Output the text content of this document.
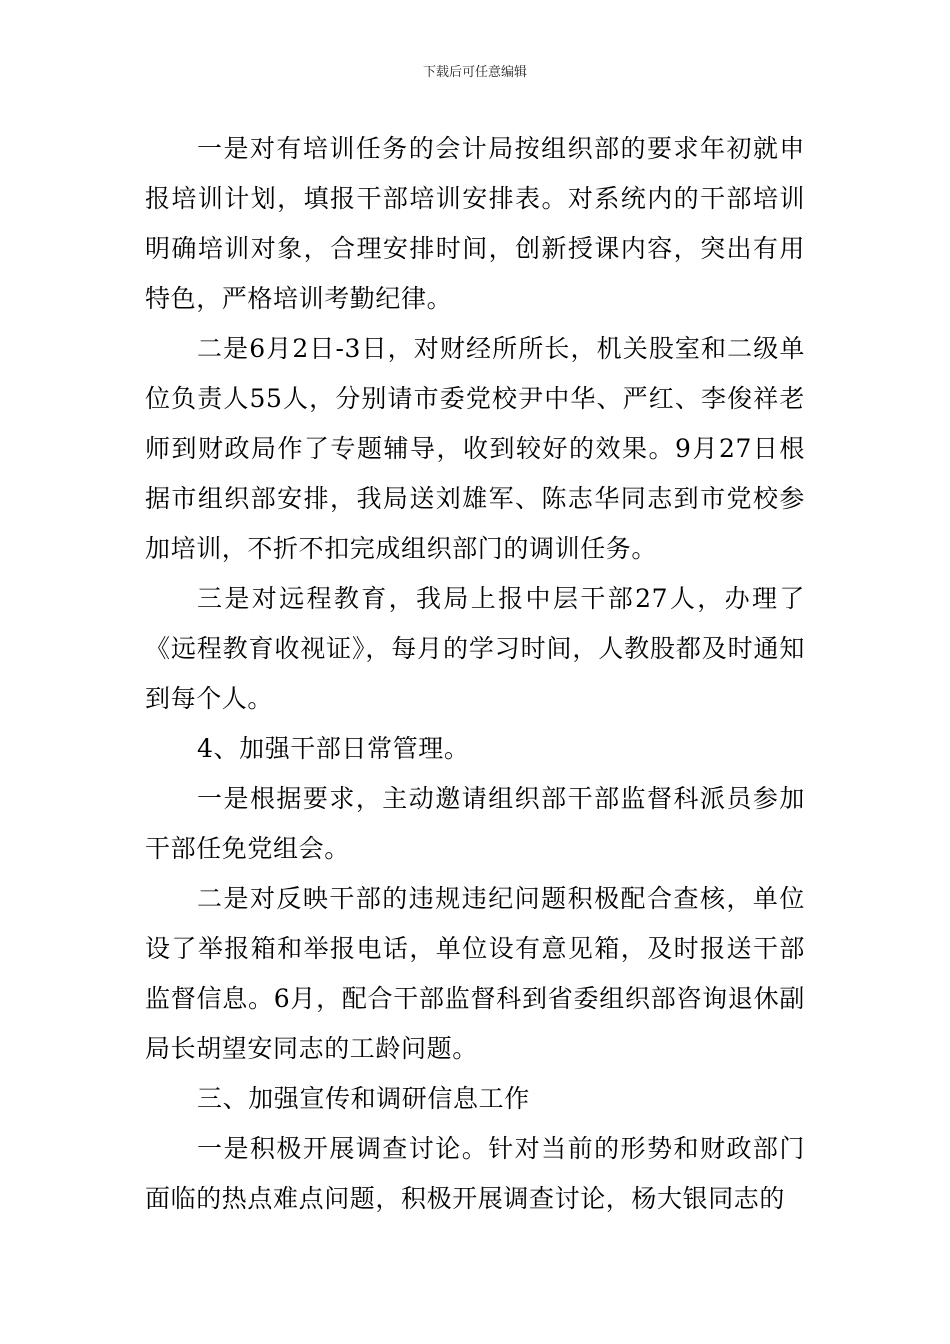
下载后可任意编辑

一是对有培训任务的会计局按组织部的要求年初就申报培训计划，填报干部培训安排表。对系统内的干部培训明确培训对象，合理安排时间，创新授课内容，突出有用特色，严格培训考勤纪律。

二是6月2日-3日，对财经所所长，机关股室和二级单位负责人55人，分别请市委党校尹中华、严红、李俊祥老师到财政局作了专题辅导，收到较好的效果。9月27日根据市组织部安排，我局送刘雄军、陈志华同志到市党校参加培训，不折不扣完成组织部门的调训任务。

三是对远程教育，我局上报中层干部27人，办理了《远程教育收视证》，每月的学习时间，人教股都及时通知到每个人。

4、加强干部日常管理。

一是根据要求，主动邀请组织部干部监督科派员参加干部任免党组会。

二是对反映干部的违规违纪问题积极配合查核，单位设了举报箱和举报电话，单位设有意见箱，及时报送干部监督信息。6月，配合干部监督科到省委组织部咨询退休副局长胡望安同志的工龄问题。

三、加强宣传和调研信息工作

一是积极开展调查讨论。针对当前的形势和财政部门面临的热点难点问题，积极开展调查讨论，杨大银同志的
